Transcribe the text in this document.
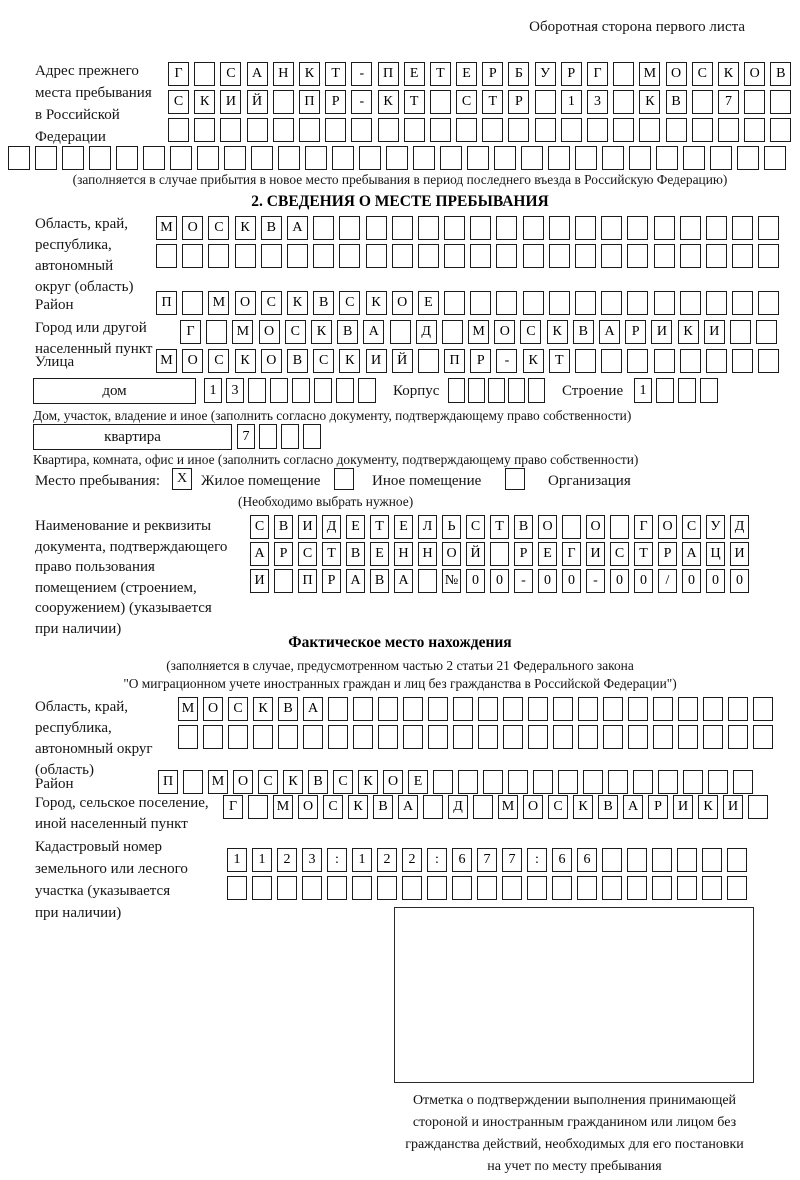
Оборотная сторона первого листа
Адрес прежнего
места пребывания
в Российской
Федерации
Г	С	А	Н	К	Т	-	П	Е	Т	Е	Р	Б	У	Р	Г	М	О	С	К	О	В
С	К	И	Й	П	Р	-	К	Т	С	Т	Р	1	3	К	В	7
(заполняется в случае прибытия в новое место пребывания в период последнего въезда в Российскую Федерацию)
2. СВЕДЕНИЯ О МЕСТЕ ПРЕБЫВАНИЯ
Область, край,
республика,
автономный
округ (область)
М	О	С	К	В	А
Район	П	М	О	С	К	В	С	К	О	Е
Город или другой
населенный пункт
Г	М	О	С	К	В	А	Д	М	О	С	К	В	А	Р	И	К	И
Улица	М	О	С	К	О	В	С	К	И	Й	П	Р	-	К	Т
дом	1	3	Корпус	Строение	1
Дом, участок, владение и иное (заполнить согласно документу, подтверждающему право собственности)
квартира	7
Квартира, комната, офис и иное (заполнить согласно документу, подтверждающему право собственности)
Место пребывания:	X Жилое помещение	Иное помещение	Организация
(Необходимо выбрать нужное)
Наименование и реквизиты
документа, подтверждающего
право пользования
помещением (строением,
сооружением) (указывается
при наличии)
С	В	И	Д	Е	Т	Е	Л	Ь	С	Т	В	О	О	Г	О	С	У	Д
А	Р	С	Т	В	Е	Н Н О Й	Р	Е	Г	И	С	Т	Р	А Ц И
И	П	Р	А	В	А	№ 0	0	-	0	0	-	0	0	/	0	0	0
Фактическое место нахождения
(заполняется в случае, предусмотренном частью 2 статьи 21 Федерального закона
"О миграционном учете иностранных граждан и лиц без гражданства в Российской Федерации")
Область, край,
республика,
автономный округ
(область)
М О	С	К	В	А
Район	П	М О	С	К	В	С	К	О	Е
Город, сельское поселение,
иной населенный пункт
Г	М О	С	К	В	А	Д	М О	С	К	В	А	Р	И	К	И
Кадастровый номер
земельного или лесного
участка (указывается
при наличии)
1	1	2	3	:	1	2	2	:	6	7	7	:	6	6
Отметка о подтверждении выполнения принимающей
стороной и иностранным гражданином или лицом без
гражданства действий, необходимых для его постановки
на учет по месту пребывания
